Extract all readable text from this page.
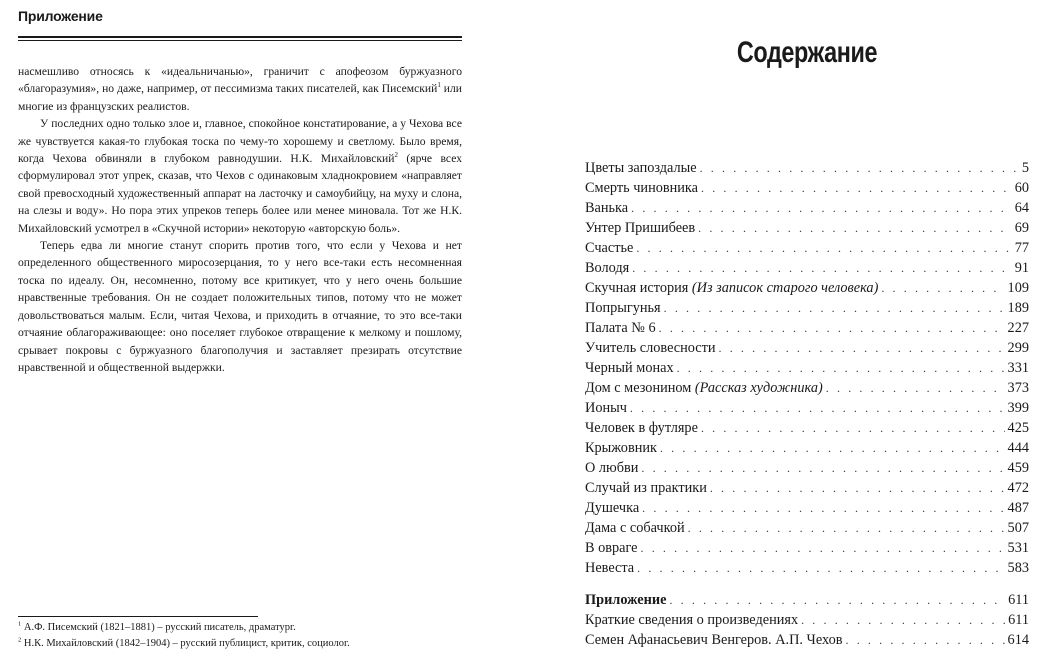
Приложение

насмешливо относясь к «идеальничанью», граничит с апофеозом буржуазного «благоразумия», но даже, например, от пессимизма таких писателей, как Писемский$^1$ или многие из французских реалистов.

У последних одно только злое и, главное, спокойное констатирование, а у Чехова все же чувствуется какая-то глубокая тоска по чему-то хорошему и светлому. Было время, когда Чехова обвиняли в глубоком равнодушии. Н.К. Михайловский$^2$ (ярче всех сформулировал этот упрек, сказав, что Чехов с одинаковым хладнокровием «направляет свой превосходный художественный аппарат на ласточку и самоубийцу, на муху и слона, на слезы и воду». Но пора этих упреков теперь более или менее миновала. Тот же Н.К. Михайловский усмотрел в «Скучной истории» некоторую «авторскую боль».

Теперь едва ли многие станут спорить против того, что если у Чехова и нет определенного общественного миросозерцания, то у него все-таки есть несомненная тоска по идеалу. Он, несомненно, потому все критикует, что у него очень большие нравственные требования. Он не создает положительных типов, потому что не может довольствоваться малым. Если, читая Чехова, и приходить в отчаяние, то это все-таки отчаяние облагораживающее: оно поселяет глубокое отвращение к мелкому и пошлому, срывает покровы с буржуазного благополучия и заставляет презирать отсутствие нравственной и общественной выдержки.

$^1$ А.Ф. Писемский (1821–1881) – русский писатель, драматург.
$^2$ Н.К. Михайловский (1842–1904) – русский публицист, критик, социолог.
Содержание
Цветы запоздалые . . .	5
Смерть чиновника . . .	60
Ванька . . .	64
Унтер Пришибеев . . .	69
Счастье . . .	77
Володя . . .	91
Скучная история (Из записок старого человека) . . .	109
Попрыгунья . . .	189
Палата № 6 . . .	227
Учитель словесности . . .	299
Черный монах . . .	331
Дом с мезонином (Рассказ художника) . . .	373
Ионыч . . .	399
Человек в футляре . . .	425
Крыжовник . . .	444
О любви . . .	459
Случай из практики . . .	472
Душечка . . .	487
Дама с собачкой . . .	507
В овраге . . .	531
Невеста . . .	583
Приложение . . .	611
Краткие сведения о произведениях . . .	611
Семен Афанасьевич Венгеров. А.П. Чехов . . .	614
